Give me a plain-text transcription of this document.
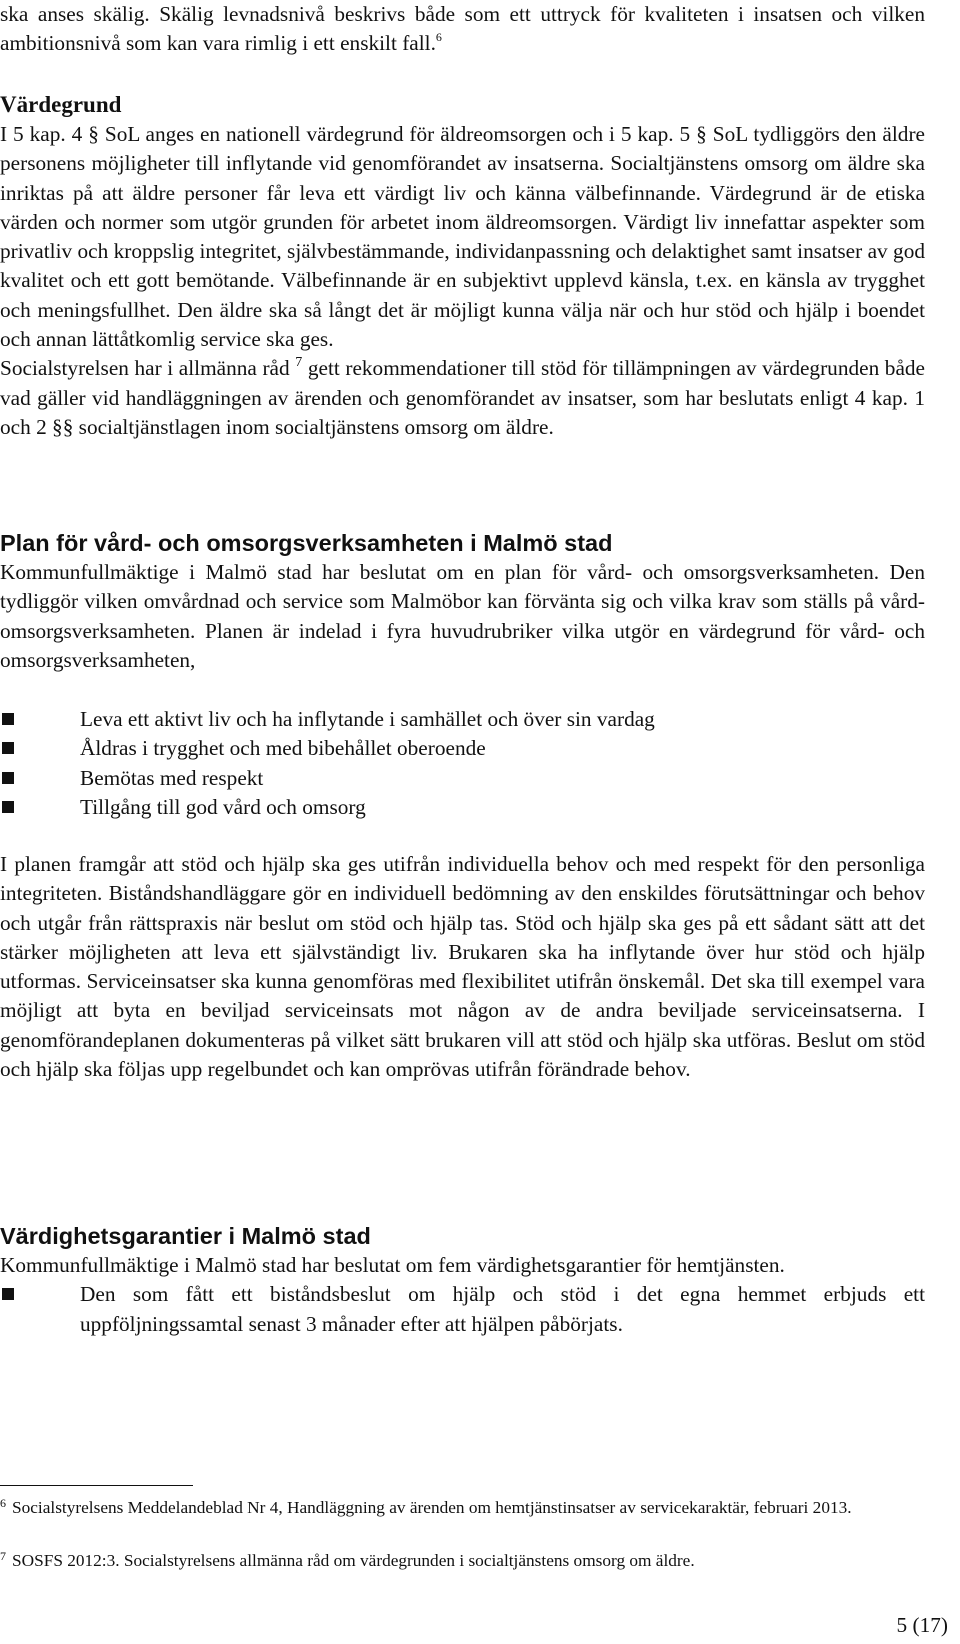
ska anses skälig. Skälig levnadsnivå beskrivs både som ett uttryck för kvaliteten i insatsen och vilken ambitionsnivå som kan vara rimlig i ett enskilt fall.$^6$

Värdegrund

I 5 kap. 4 § SoL anges en nationell värdegrund för äldreomsorgen och i 5 kap. 5 § SoL tydliggörs den äldre personens möjligheter till inflytande vid genomförandet av insatserna. Socialtjänstens omsorg om äldre ska inriktas på att äldre personer får leva ett värdigt liv och känna välbefinnande. Värdegrund är de etiska värden och normer som utgör grunden för arbetet inom äldreomsorgen. Värdigt liv innefattar aspekter som privatliv och kroppslig integritet, självbestämmande, individanpassning och delaktighet samt insatser av god kvalitet och ett gott bemötande. Välbefinnande är en subjektivt upplevd känsla, t.ex. en känsla av trygghet och meningsfullhet. Den äldre ska så långt det är möjligt kunna välja när och hur stöd och hjälp i boendet och annan lättåtkomlig service ska ges.

Socialstyrelsen har i allmänna råd $^7$ gett rekommendationer till stöd för tillämpningen av värdegrunden både vad gäller vid handläggningen av ärenden och genomförandet av insatser, som har beslutats enligt 4 kap. 1 och 2 §§ socialtjänstlagen inom socialtjänstens omsorg om äldre.

Plan för vård- och omsorgsverksamheten i Malmö stad

Kommunfullmäktige i Malmö stad har beslutat om en plan för vård- och omsorgsverksamheten. Den tydliggör vilken omvårdnad och service som Malmöbor kan förvänta sig och vilka krav som ställs på vård- omsorgsverksamheten. Planen är indelad i fyra huvudrubriker vilka utgör en värdegrund för vård- och omsorgsverksamheten,

Leva ett aktivt liv och ha inflytande i samhället och över sin vardag
Åldras i trygghet och med bibehållet oberoende
Bemötas med respekt
Tillgång till god vård och omsorg

I planen framgår att stöd och hjälp ska ges utifrån individuella behov och med respekt för den personliga integriteten. Biståndshandläggare gör en individuell bedömning av den enskildes förutsättningar och behov och utgår från rättspraxis när beslut om stöd och hjälp tas. Stöd och hjälp ska ges på ett sådant sätt att det stärker möjligheten att leva ett självständigt liv. Brukaren ska ha inflytande över hur stöd och hjälp utformas. Serviceinsatser ska kunna genomföras med flexibilitet utifrån önskemål. Det ska till exempel vara möjligt att byta en beviljad serviceinsats mot någon av de andra beviljade serviceinsatserna. I genomförandeplanen dokumenteras på vilket sätt brukaren vill att stöd och hjälp ska utföras. Beslut om stöd och hjälp ska följas upp regelbundet och kan omprövas utifrån förändrade behov.

Värdighetsgarantier i Malmö stad

Kommunfullmäktige i Malmö stad har beslutat om fem värdighetsgarantier för hemtjänsten.

Den som fått ett biståndsbeslut om hjälp och stöd i det egna hemmet erbjuds ett uppföljningssamtal senast 3 månader efter att hjälpen påbörjats.
$^6$ Socialstyrelsens Meddelandeblad Nr 4, Handläggning av ärenden om hemtjänstinsatser av servicekaraktär, februari 2013.
$^7$ SOSFS 2012:3. Socialstyrelsens allmänna råd om värdegrunden i socialtjänstens omsorg om äldre.
5 (17)
